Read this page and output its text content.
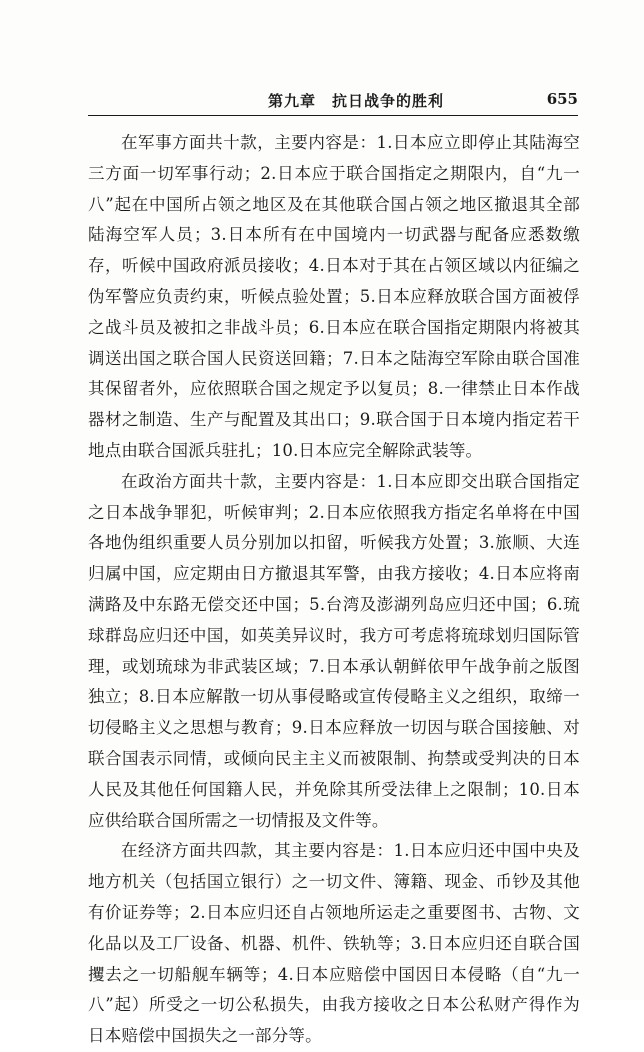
第九章　抗日战争的胜利	655

在军事方面共十款，主要内容是：1.日本应立即停止其陆海空三方面一切军事行动；2.日本应于联合国指定之期限内，自“九一八”起在中国所占领之地区及在其他联合国占领之地区撤退其全部陆海空军人员；3.日本所有在中国境内一切武器与配备应悉数缴存，听候中国政府派员接收；4.日本对于其在占领区域以内征编之伪军警应负责约束，听候点验处置；5.日本应释放联合国方面被俘之战斗员及被扣之非战斗员；6.日本应在联合国指定期限内将被其调送出国之联合国人民资送回籍；7.日本之陆海空军除由联合国准其保留者外，应依照联合国之规定予以复员；8.一律禁止日本作战器材之制造、生产与配置及其出口；9.联合国于日本境内指定若干地点由联合国派兵驻扎；10.日本应完全解除武装等。

在政治方面共十款，主要内容是：1.日本应即交出联合国指定之日本战争罪犯，听候审判；2.日本应依照我方指定名单将在中国各地伪组织重要人员分别加以扣留，听候我方处置；3.旅顺、大连归属中国，应定期由日方撤退其军警，由我方接收；4.日本应将南满路及中东路无偿交还中国；5.台湾及澎湖列岛应归还中国；6.琉球群岛应归还中国，如英美异议时，我方可考虑将琉球划归国际管理，或划琉球为非武装区域；7.日本承认朝鲜依甲午战争前之版图独立；8.日本应解散一切从事侵略或宣传侵略主义之组织，取缔一切侵略主义之思想与教育；9.日本应释放一切因与联合国接触、对联合国表示同情，或倾向民主主义而被限制、拘禁或受判决的日本人民及其他任何国籍人民，并免除其所受法律上之限制；10.日本应供给联合国所需之一切情报及文件等。

在经济方面共四款，其主要内容是：1.日本应归还中国中央及地方机关（包括国立银行）之一切文件、簿籍、现金、币钞及其他有价证券等；2.日本应归还自占领地所运走之重要图书、古物、文化品以及工厂设备、机器、机件、铁轨等；3.日本应归还自联合国攫去之一切船舰车辆等；4.日本应赔偿中国因日本侵略（自“九一八”起）所受之一切公私损失，由我方接收之日本公私财产得作为日本赔偿中国损失之一部分等。
